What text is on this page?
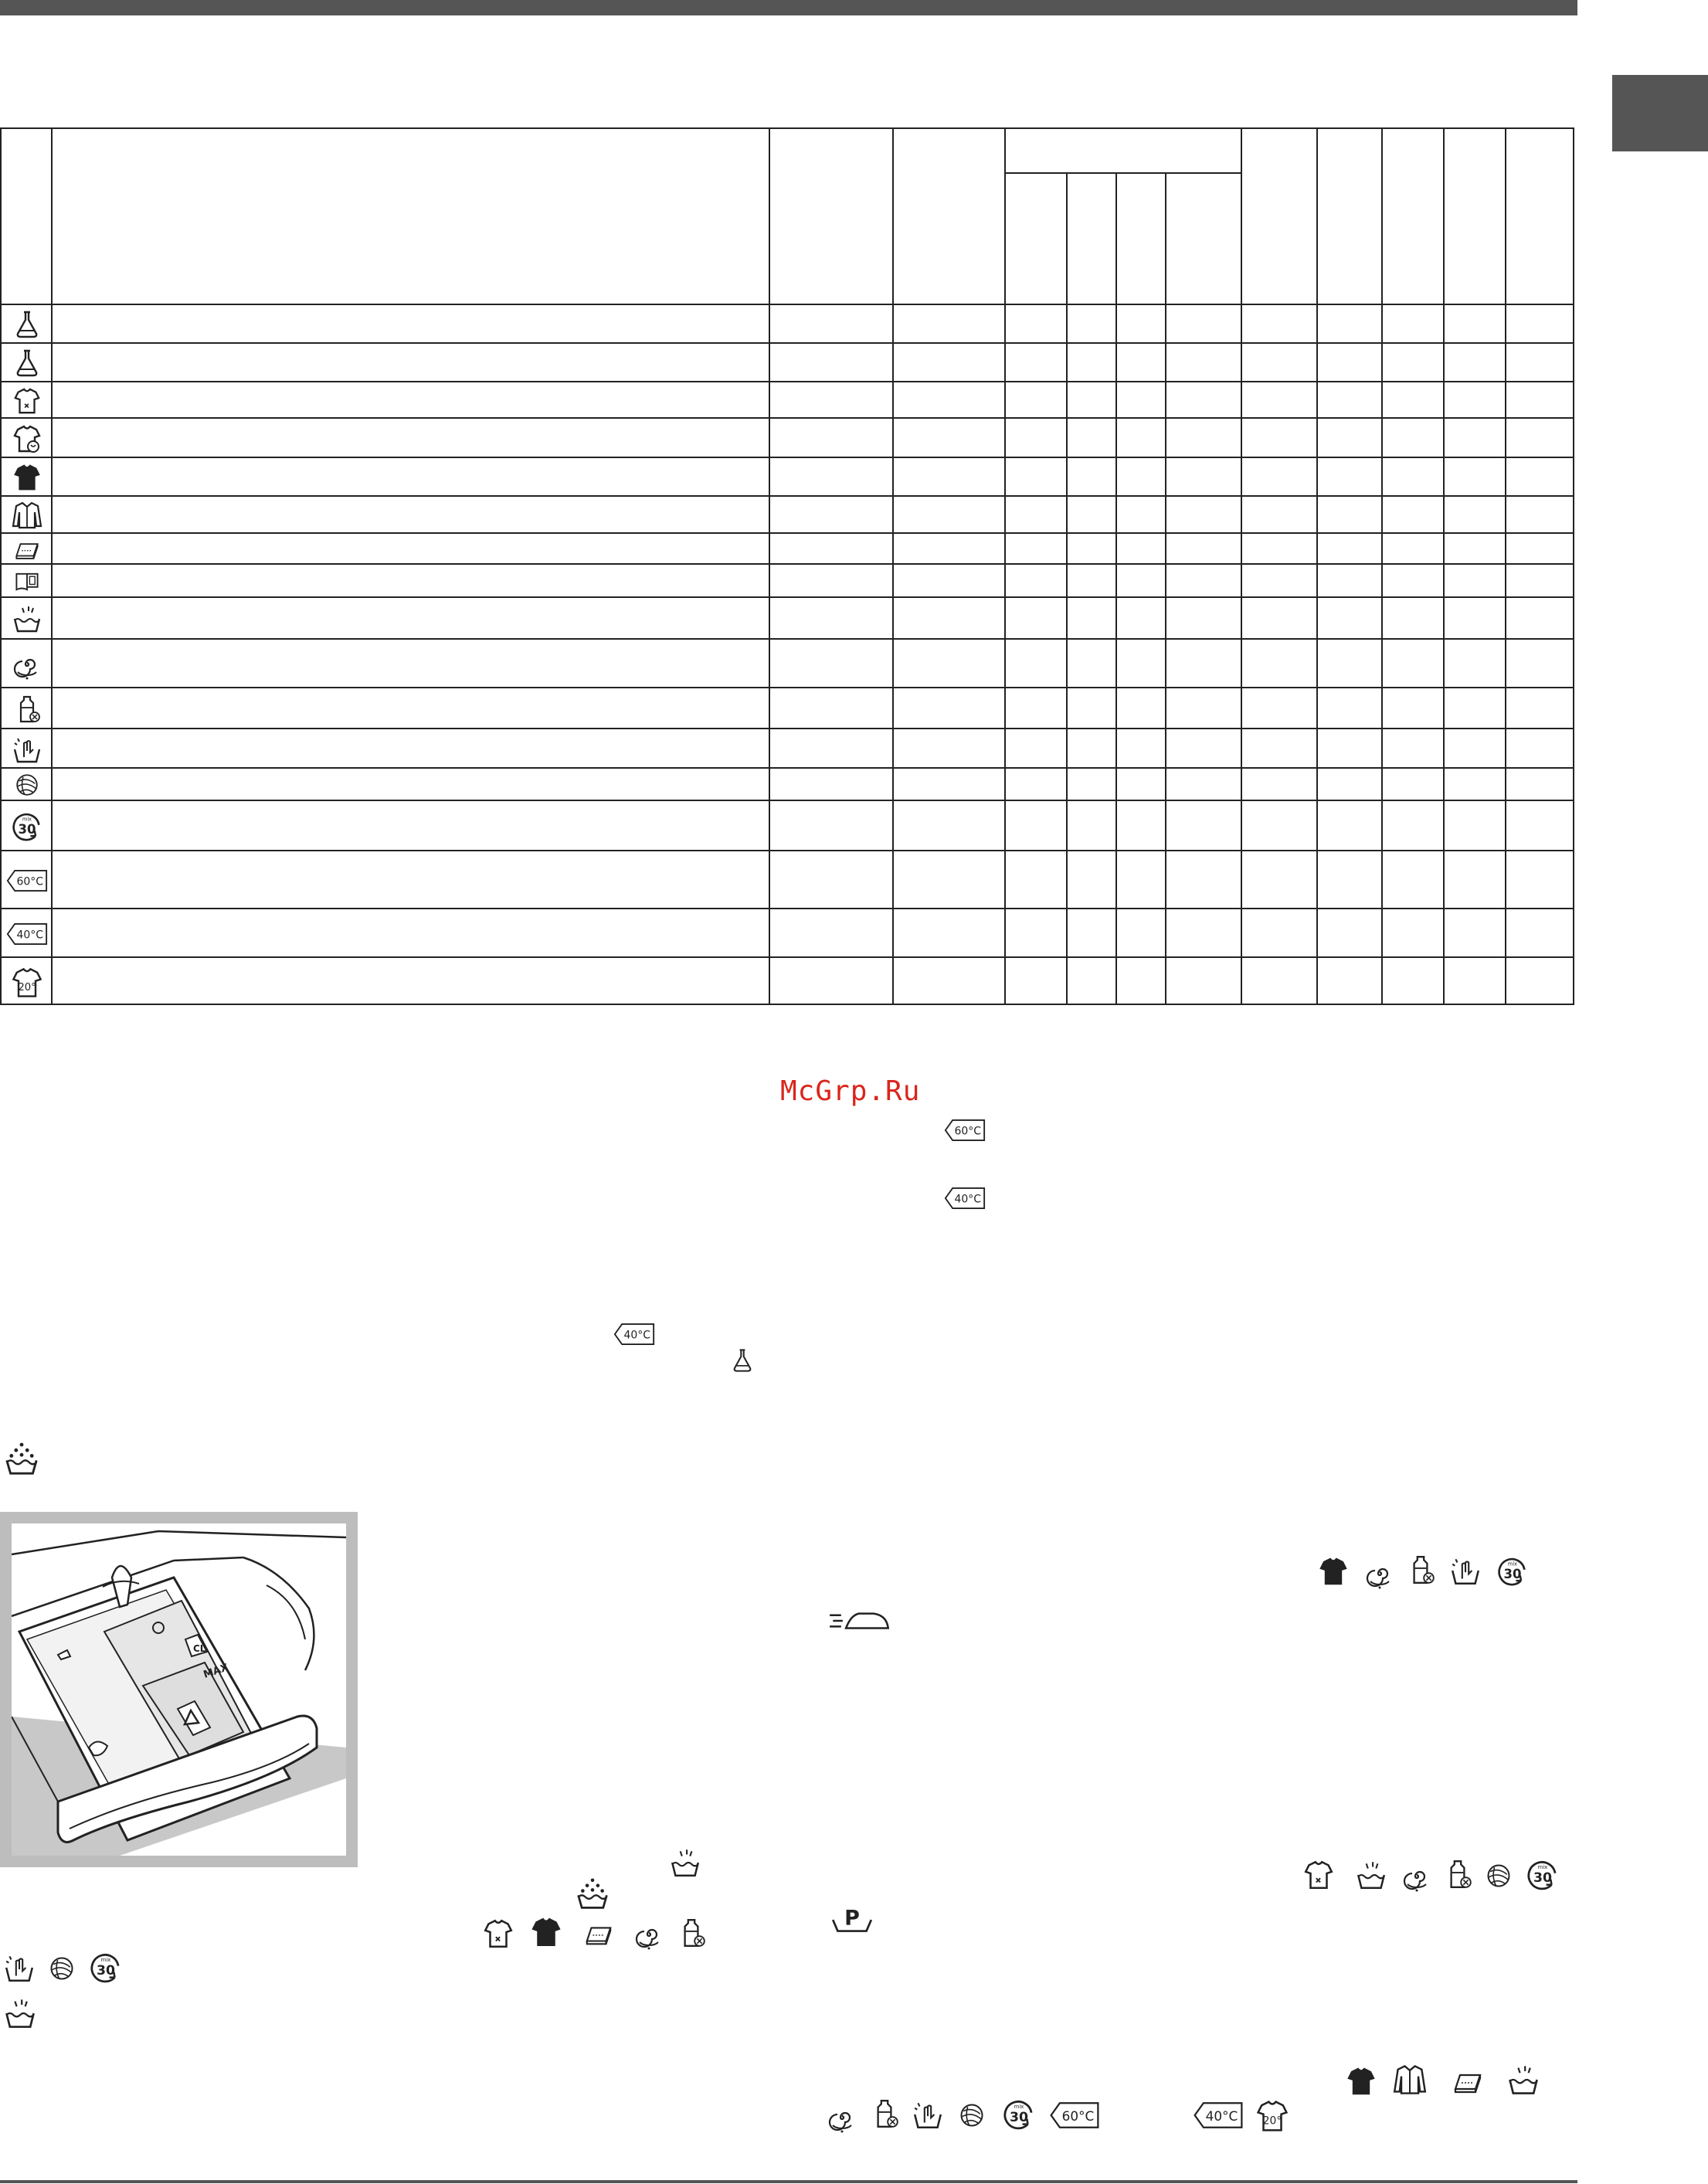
60°C
40°C
20°
McGrp.Ru
60°C
40°C
40°C
MAX
CL
60°C	40°C	20°
